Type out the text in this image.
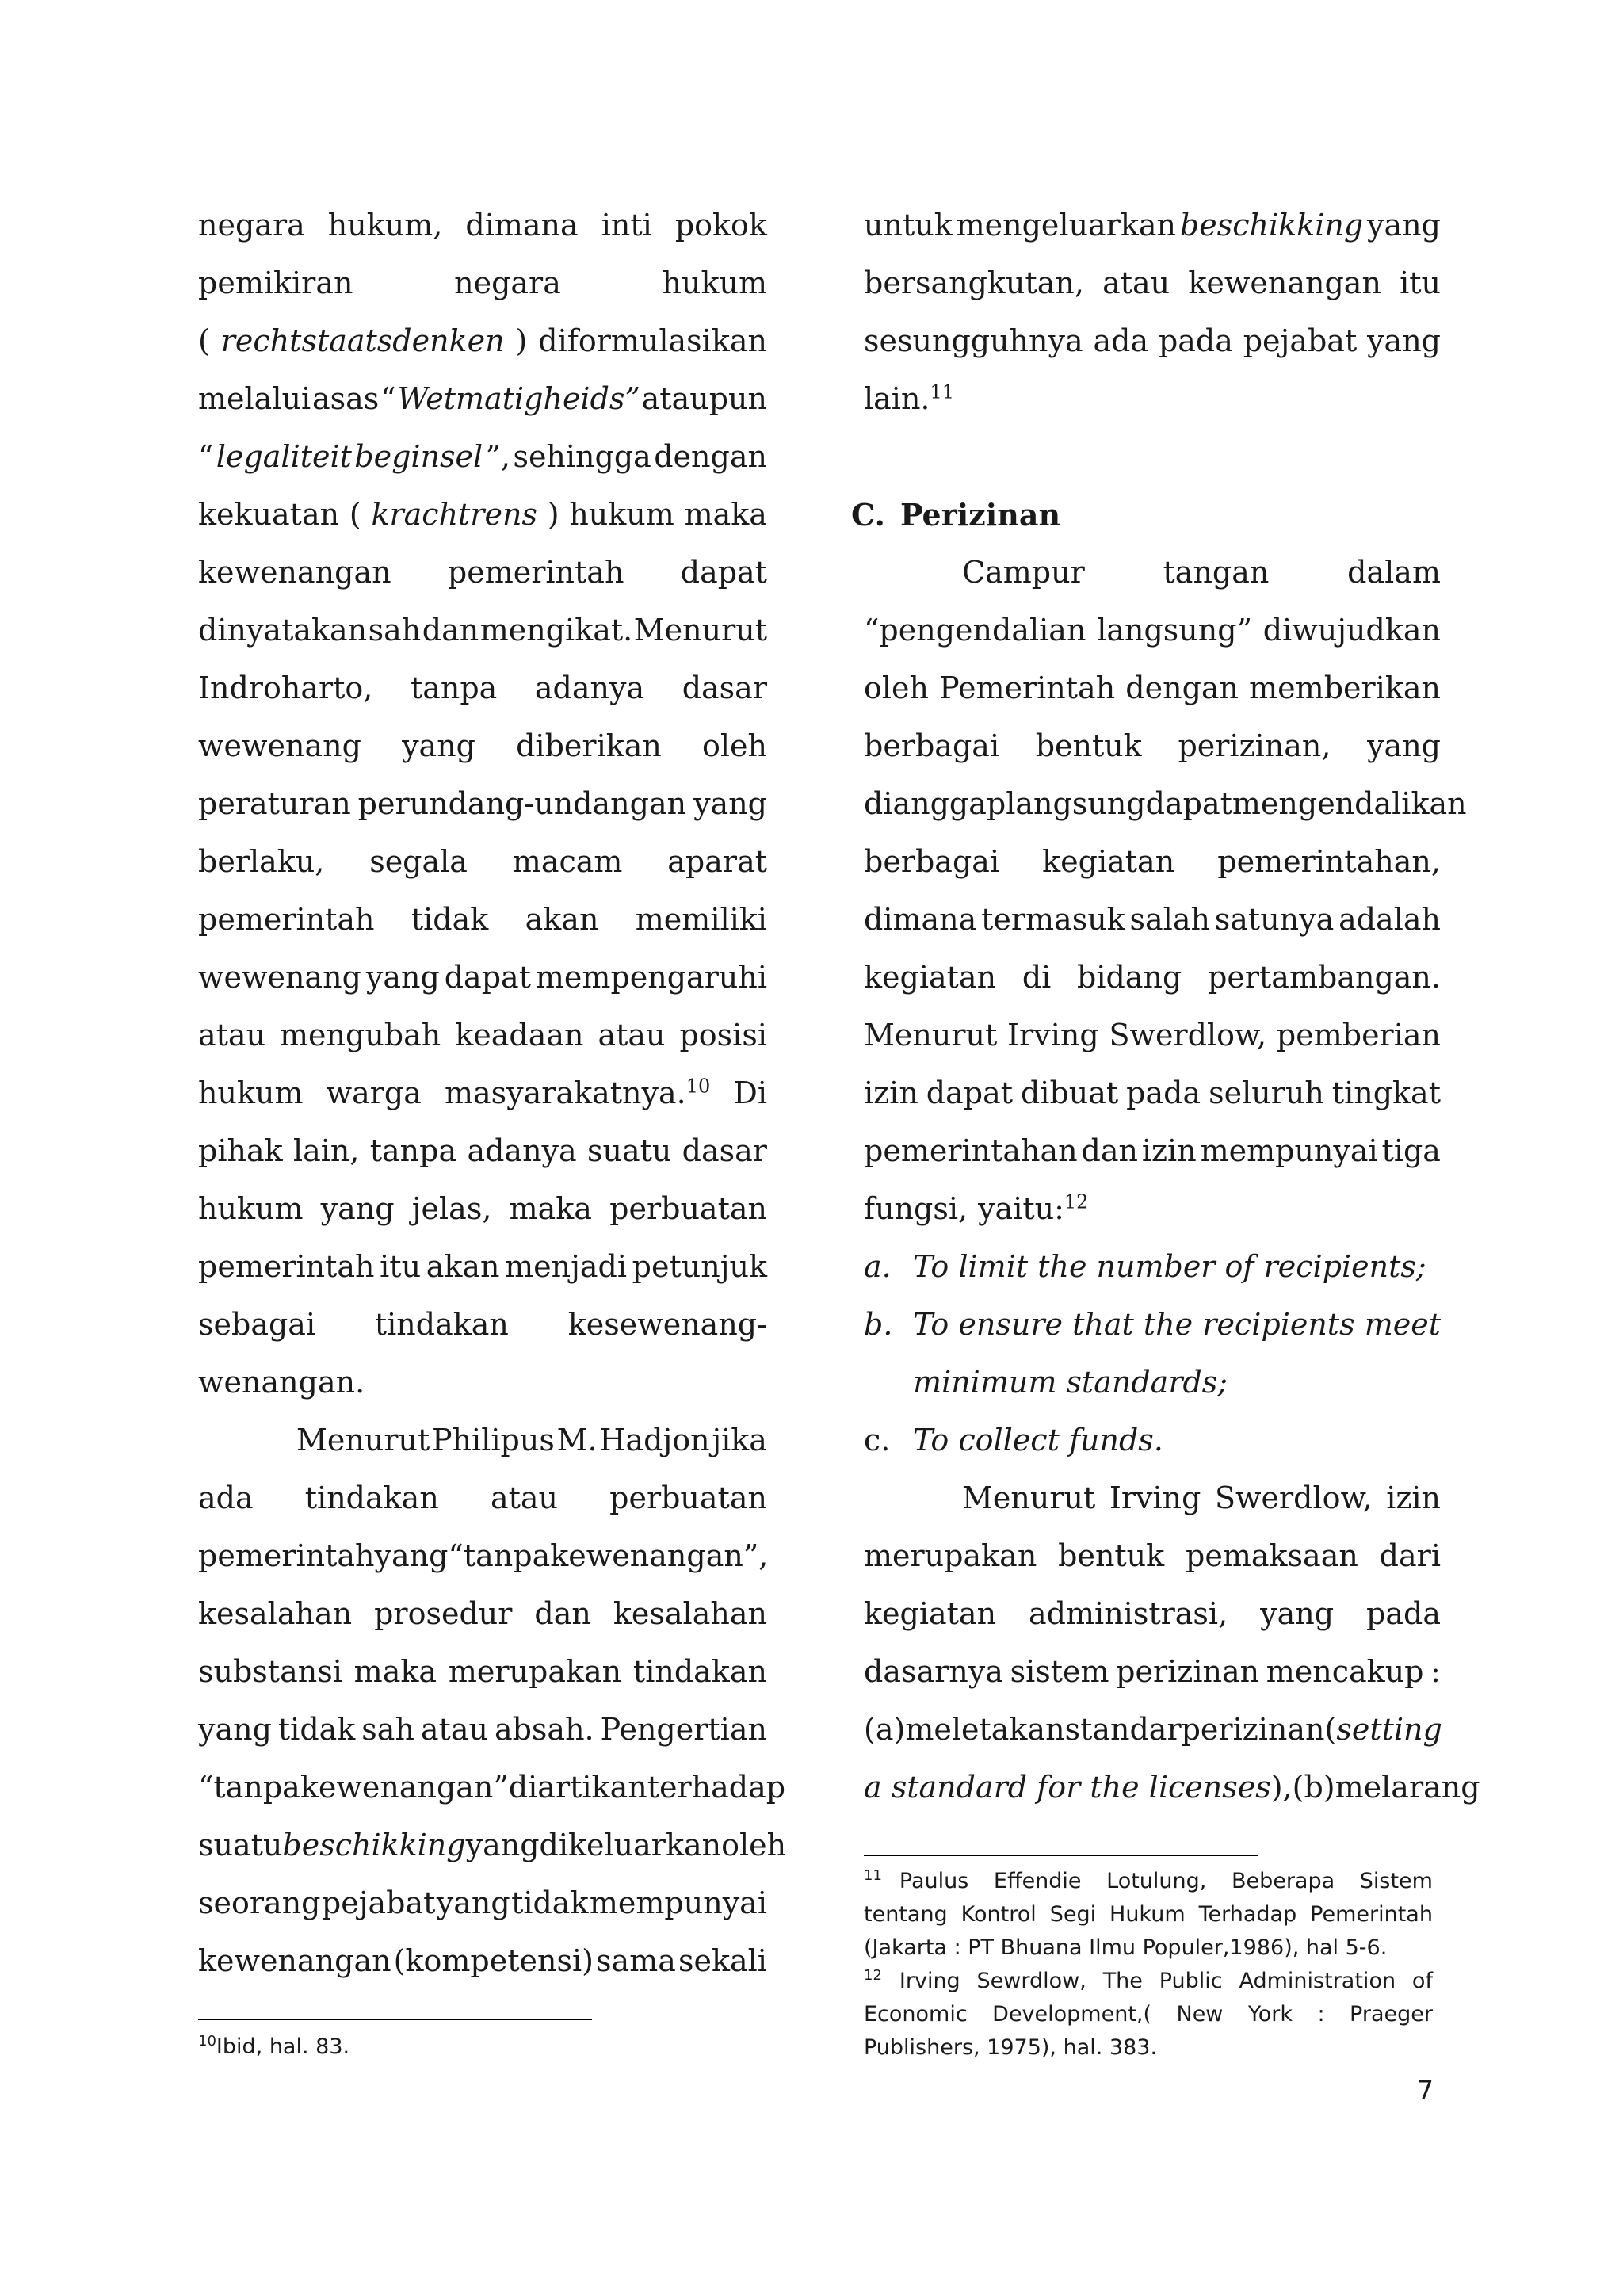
negara hukum, dimana inti pokok
pemikiran	negara	hukum
( rechtstaatsdenken ) diformulasikan
melalui asas “ Wetmatigheids” ataupun
“ legaliteit beginsel ”, sehingga dengan
kekuatan ( krachtrens ) hukum maka
kewenangan pemerintah dapat
dinyatakan sah dan mengikat. Menurut
Indroharto, tanpa adanya dasar
wewenang yang diberikan oleh
peraturan perundang-undangan yang
berlaku, segala macam aparat
pemerintah tidak akan memiliki
wewenang yang dapat mempengaruhi
atau mengubah keadaan atau posisi
hukum warga masyarakatnya.$^{10}$ Di
pihak lain, tanpa adanya suatu dasar
hukum yang jelas, maka perbuatan
pemerintah itu akan menjadi petunjuk
sebagai tindakan kesewenang-
wenangan.
Menurut Philipus M. Hadjon jika
ada tindakan atau perbuatan
pemerintah yang “tanpa kewenangan”,
kesalahan prosedur dan kesalahan
substansi maka merupakan tindakan
yang tidak sah atau absah. Pengertian
“tanpa kewenangan” diartikan terhadap
suatu beschikking yang dikeluarkan oleh
seorang pejabat yang tidak mempunyai
kewenangan (kompetensi) sama sekali
untuk mengeluarkan beschikking yang
bersangkutan, atau kewenangan itu
sesungguhnya ada pada pejabat yang
lain.$^{11}$
C. Perizinan
Campur	tangan	dalam
“pengendalian langsung” diwujudkan
oleh Pemerintah dengan memberikan
berbagai bentuk perizinan, yang
dianggap langsung dapat mengendalikan
berbagai kegiatan pemerintahan,
dimana termasuk salah satunya adalah
kegiatan di bidang pertambangan.
Menurut Irving Swerdlow, pemberian
izin dapat dibuat pada seluruh tingkat
pemerintahan dan izin mempunyai tiga
fungsi, yaitu:$^{12}$
a. To limit the number of recipients;
b. To ensure that the recipients meet
minimum standards;
c. To collect funds.
Menurut Irving Swerdlow, izin
merupakan bentuk pemaksaan dari
kegiatan administrasi, yang pada
dasarnya sistem perizinan mencakup :
(a) meletakan standar perizinan ( setting
a standard for the licenses ), (b) melarang
$^{10}$Ibid, hal. 83.
$^{11}$ Paulus Effendie Lotulung, Beberapa Sistem
tentang Kontrol Segi Hukum Terhadap Pemerintah
(Jakarta : PT Bhuana Ilmu Populer,1986), hal 5-6.
$^{12}$ Irving Sewrdlow, The Public Administration of
Economic Development,( New York : Praeger
Publishers, 1975), hal. 383.
7
